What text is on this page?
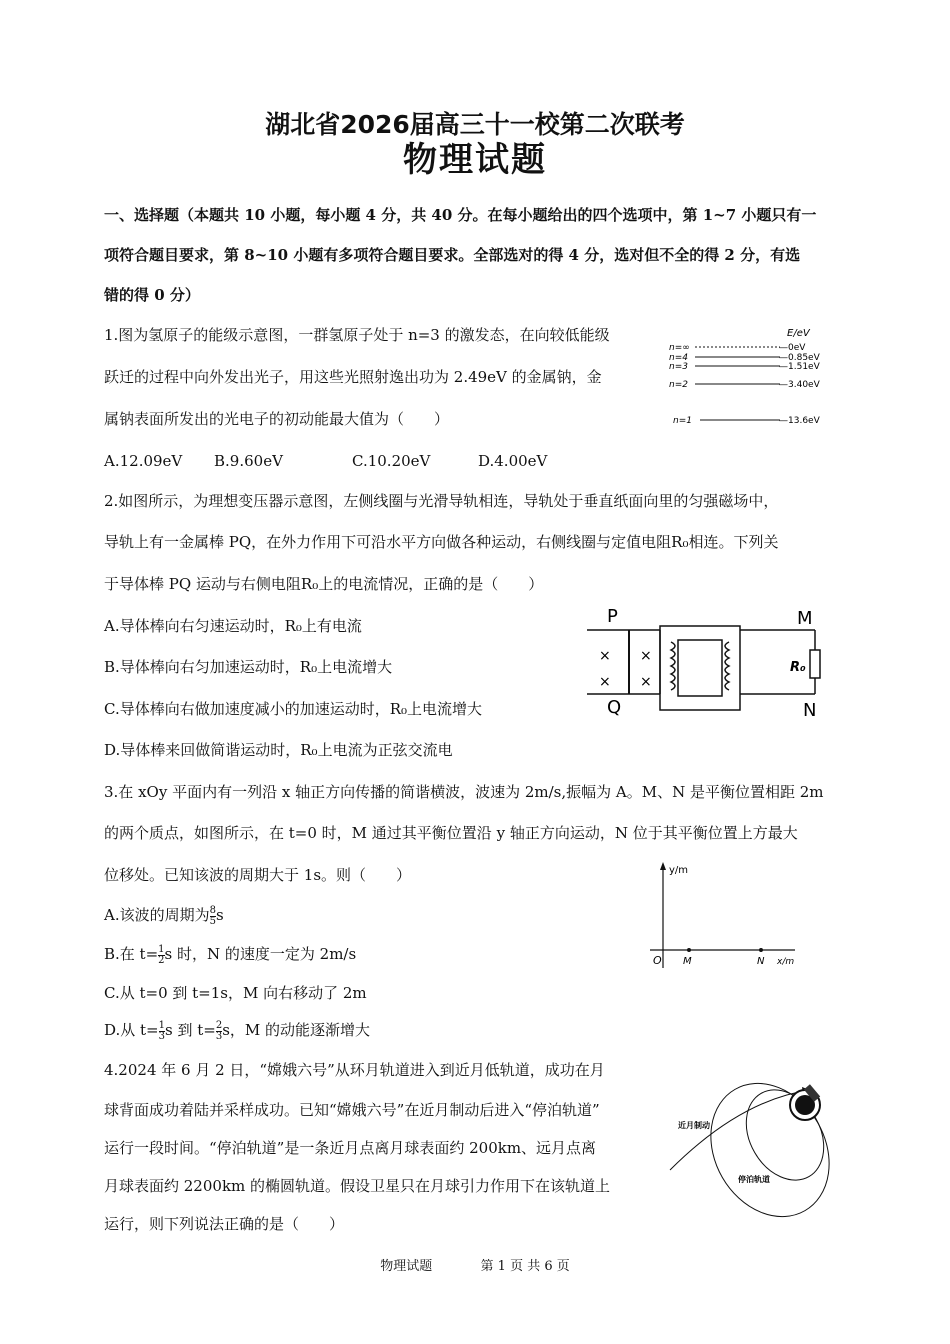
湖北省2026届高三十一校第二次联考
物理试题
一、选择题（本题共 10 小题，每小题 4 分，共 40 分。在每小题给出的四个选项中，第 1~7 小题只有一
项符合题目要求，第 8~10 小题有多项符合题目要求。全部选对的得 4 分，选对但不全的得 2 分，有选
错的得 0 分）
1.图为氢原子的能级示意图，一群氢原子处于 n=3 的激发态，在向较低能级
跃迁的过程中向外发出光子，用这些光照射逸出功为 2.49eV 的金属钠，金
属钠表面所发出的光电子的初动能最大值为（　　）
A.12.09eV B.9.60eV	C.10.20eV	D.4.00eV
E/eV
n=∞
n=4
n=3
n=2
n=1
—0eV
—0.85eV
—1.51eV
—3.40eV
—13.6eV
2.如图所示，为理想变压器示意图，左侧线圈与光滑导轨相连，导轨处于垂直纸面向里的匀强磁场中，
导轨上有一金属棒 PQ，在外力作用下可沿水平方向做各种运动，右侧线圈与定值电阻R₀相连。下列关
于导体棒 PQ 运动与右侧电阻R₀上的电流情况，正确的是（　　）
A.导体棒向右匀速运动时，R₀上有电流
B.导体棒向右匀加速运动时，R₀上电流增大
C.导体棒向右做加速度减小的加速运动时，R₀上电流增大
D.导体棒来回做简谐运动时，R₀上电流为正弦交流电
P
Q
M
N
×
×
×
×
R₀
3.在 xOy 平面内有一列沿 x 轴正方向传播的简谐横波，波速为 2m/s,振幅为 A。M、N 是平衡位置相距 2m
的两个质点，如图所示，在 t=0 时，M 通过其平衡位置沿 y 轴正方向运动，N 位于其平衡位置上方最大
位移处。已知该波的周期大于 1s。则（　　）
A.该波的周期为 $\frac{8}{5}$ s
B.在 $t= \frac{1}{2}$ s 时，N 的速度一定为 2m/s
C.从 t=0 到 t=1s，M 向右移动了 2m
D.从 $t= \frac{1}{3}$ s 到 $t= \frac{2}{3}$ s，M 的动能逐渐增大
y/m
O M	N x/m
4.2024 年 6 月 2 日，“嫦娥六号”从环月轨道进入到近月低轨道，成功在月
球背面成功着陆并采样成功。已知“嫦娥六号”在近月制动后进入“停泊轨道”
运行一段时间。“停泊轨道”是一条近月点离月球表面约 200km、远月点离
月球表面约 2200km 的椭圆轨道。假设卫星只在月球引力作用下在该轨道上
运行，则下列说法正确的是（　　）
近月制动
停泊轨道
物理试题	第 1 页 共 6 页
